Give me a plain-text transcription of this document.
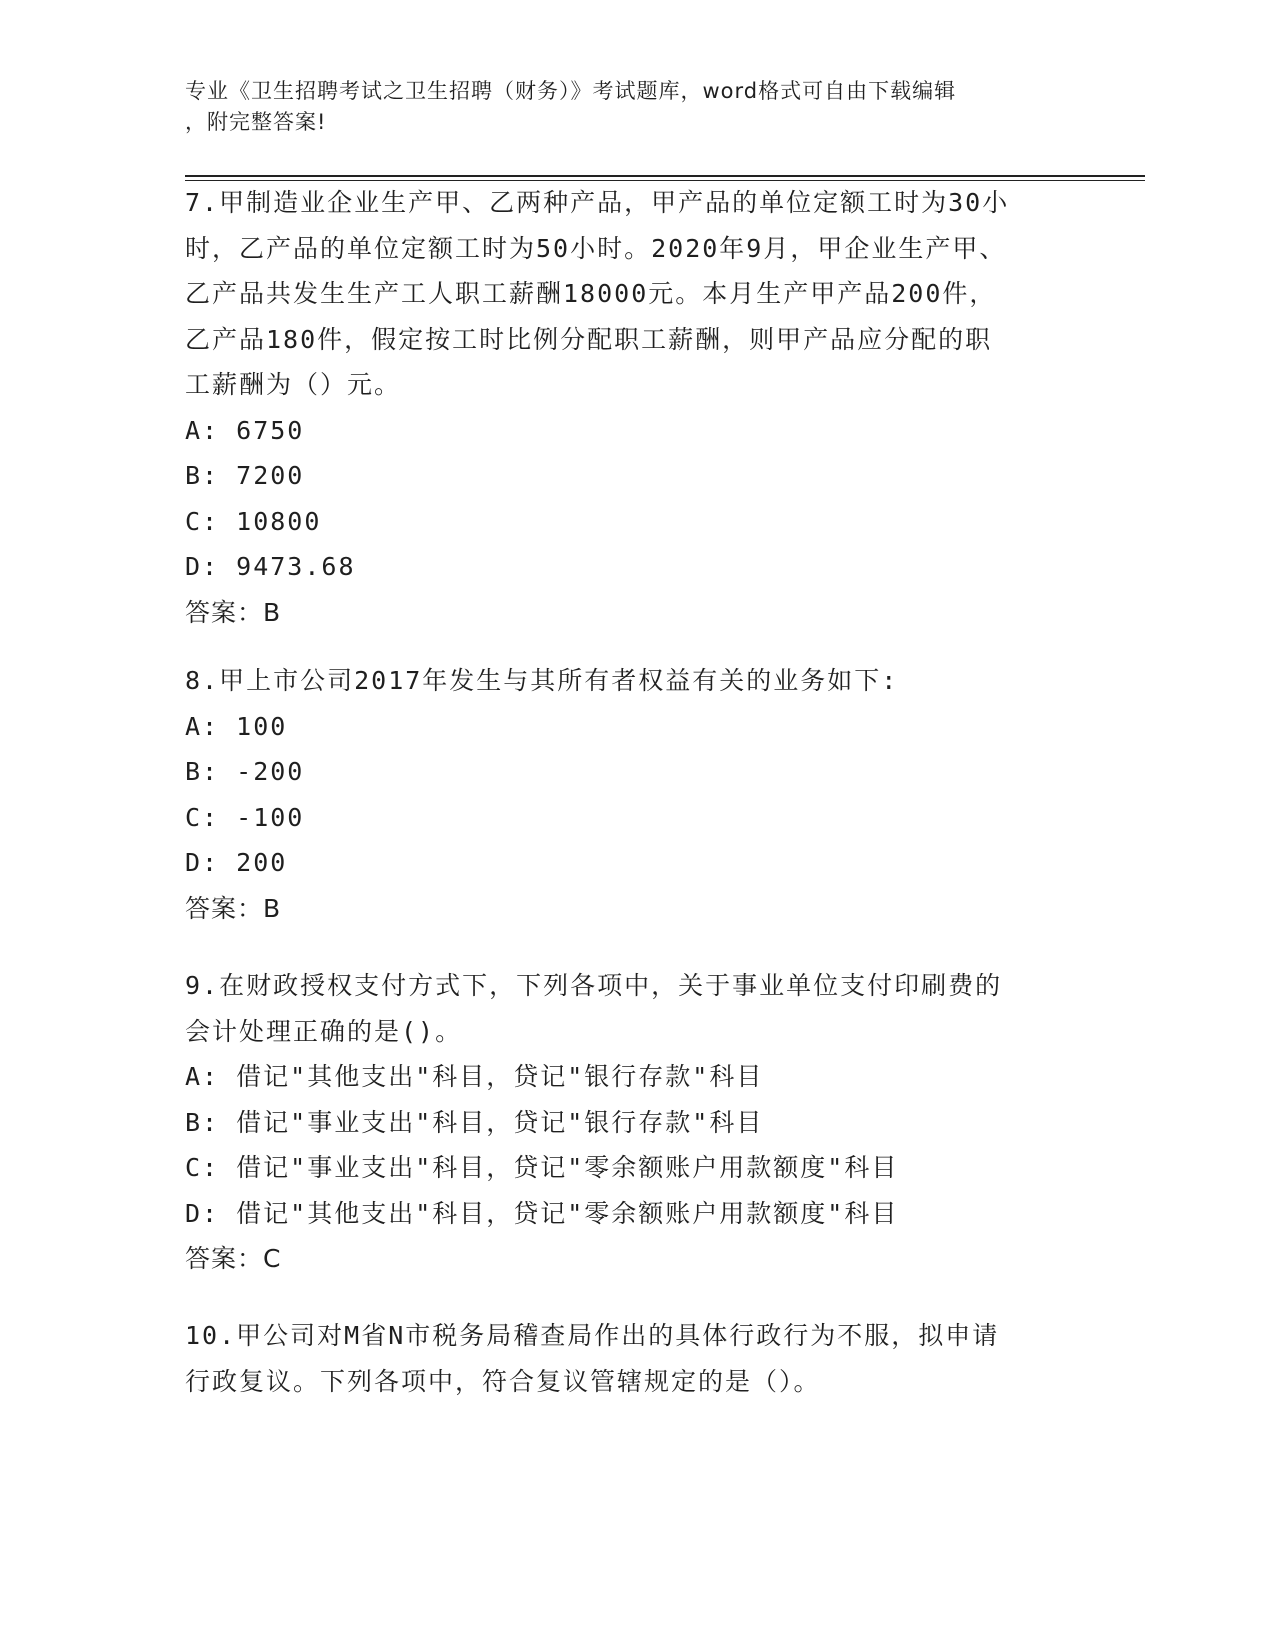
专业《卫生招聘考试之卫生招聘（财务）》考试题库，word格式可自由下载编辑
，附完整答案!
7.甲制造业企业生产甲、乙两种产品，甲产品的单位定额工时为30小
时，乙产品的单位定额工时为50小时。2020年9月，甲企业生产甲、
乙产品共发生生产工人职工薪酬18000元。本月生产甲产品200件，
乙产品180件，假定按工时比例分配职工薪酬，则甲产品应分配的职
工薪酬为（）元。
A: 6750
B: 7200
C: 10800
D: 9473.68
答案：B
8.甲上市公司2017年发生与其所有者权益有关的业务如下:
A: 100
B: -200
C: -100
D: 200
答案：B
9.在财政授权支付方式下，下列各项中，关于事业单位支付印刷费的
会计处理正确的是()。
A: 借记"其他支出"科目，贷记"银行存款"科目
B: 借记"事业支出"科目，贷记"银行存款"科目
C: 借记"事业支出"科目，贷记"零余额账户用款额度"科目
D: 借记"其他支出"科目，贷记"零余额账户用款额度"科目
答案：C
10.甲公司对M省N市税务局稽查局作出的具体行政行为不服，拟申请
行政复议。下列各项中，符合复议管辖规定的是（）。
